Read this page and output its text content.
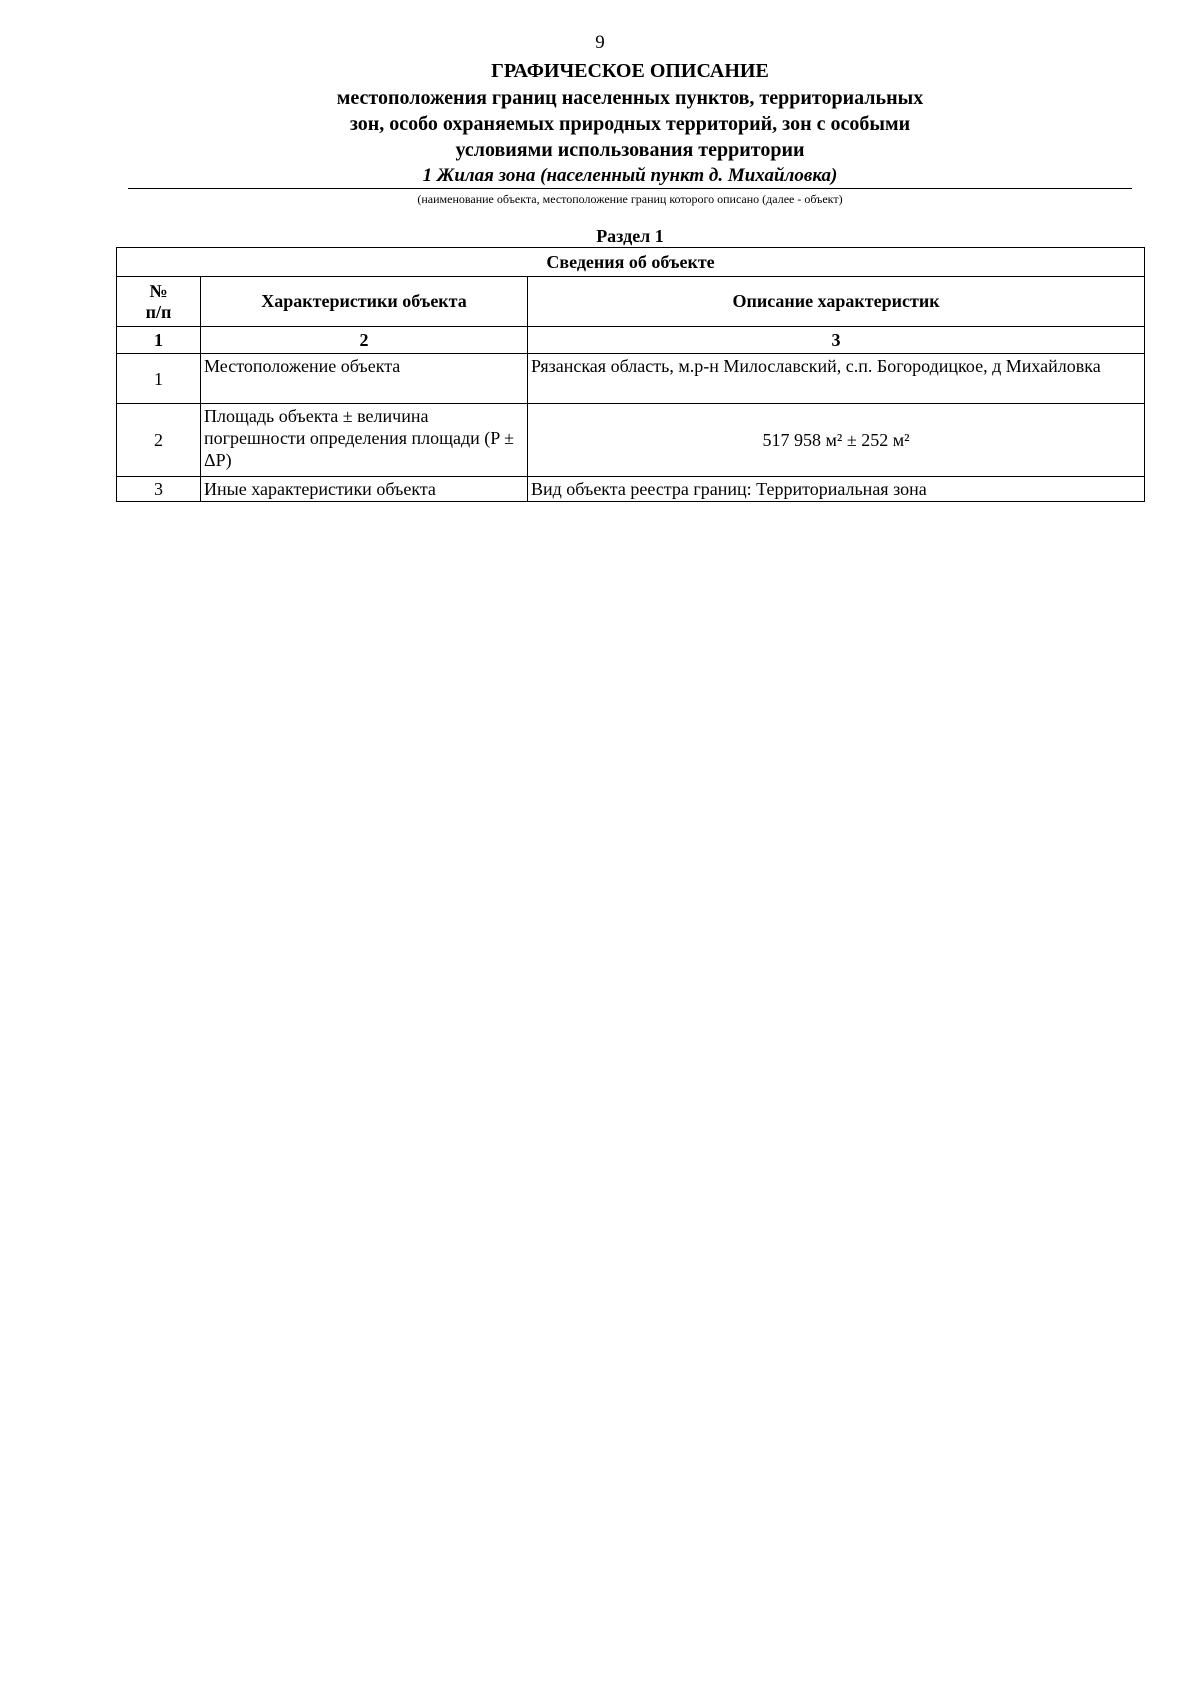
9
ГРАФИЧЕСКОЕ ОПИСАНИЕ
местоположения границ населенных пунктов, территориальных
зон, особо охраняемых природных территорий, зон с особыми
условиями использования территории
1 Жилая зона (населенный пункт д. Михайловка)
(наименование объекта, местоположение границ которого описано (далее - объект)
Раздел 1
Сведения об объекте		
№
п/п	Характеристики объекта	Описание характеристик
1	2	3
1	Местоположение объекта	Рязанская область, м.р-н Милославский, с.п. Богородицкое, д Михайловка
2	Площадь объекта ± величина погрешности определения площади (P ± ΔP)	517 958 м² ± 252 м²
3	Иные характеристики объекта	Вид объекта реестра границ: Территориальная зона
